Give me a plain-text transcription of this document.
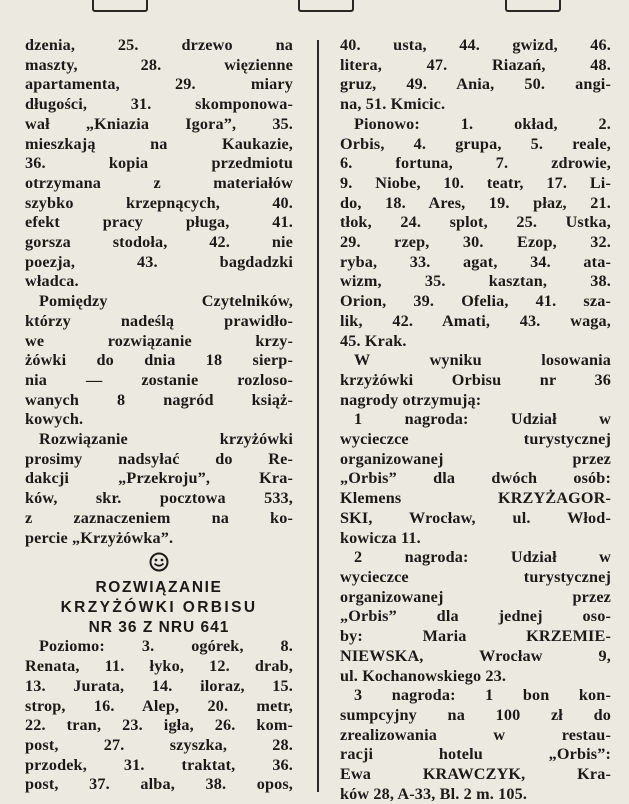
dzenia, 25. drzewo na
maszty, 28. więzienne
apartamenta, 29. miary
długości, 31. skomponowa-
wał „Kniazia Igora”, 35.
mieszkają na Kaukazie,
36. kopia przedmiotu
otrzymana z materiałów
szybko krzepnących, 40.
efekt pracy pługa, 41.
gorsza stodoła, 42. nie
poezja, 43. bagdadzki
władca.
Pomiędzy Czytelników,
którzy nadeślą prawidło-
we rozwiązanie krzy-
żówki do dnia 18 sierp-
nia — zostanie rozloso-
wanych 8 nagród książ-
kowych.
Rozwiązanie krzyżówki
prosimy nadsyłać do Re-
dakcji „Przekroju”, Kra-
ków, skr. pocztowa 533,
z zaznaczeniem na ko-
percie „Krzyżówka”.
ROZWIĄZANIE
KRZYŻÓWKI ORBISU
NR 36 Z NRU 641
Poziomo: 3. ogórek, 8.
Renata, 11. łyko, 12. drab,
13. Jurata, 14. iloraz, 15.
strop, 16. Alep, 20. metr,
22. tran, 23. igła, 26. kom-
post, 27. szyszka, 28.
przodek, 31. traktat, 36.
post, 37. alba, 38. opos,
40. usta, 44. gwizd, 46.
litera, 47. Riazań, 48.
gruz, 49. Ania, 50. angi-
na, 51. Kmicic.
Pionowo: 1. okład, 2.
Orbis, 4. grupa, 5. reale,
6. fortuna, 7. zdrowie,
9. Niobe, 10. teatr, 17. Li-
do, 18. Ares, 19. płaz, 21.
tłok, 24. splot, 25. Ustka,
29. rzep, 30. Ezop, 32.
ryba, 33. agat, 34. ata-
wizm, 35. kasztan, 38.
Orion, 39. Ofelia, 41. sza-
lik, 42. Amati, 43. waga,
45. Krak.
W wyniku losowania
krzyżówki Orbisu nr 36
nagrody otrzymują:
1 nagroda: Udział w
wycieczce turystycznej
organizowanej przez
„Orbis” dla dwóch osób:
Klemens KRZYŻAGOR-
SKI, Wrocław, ul. Włod-
kowicza 11.
2 nagroda: Udział w
wycieczce turystycznej
organizowanej przez
„Orbis” dla jednej oso-
by: Maria KRZEMIE-
NIEWSKA, Wrocław 9,
ul. Kochanowskiego 23.
3 nagroda: 1 bon kon-
sumpcyjny na 100 zł do
zrealizowania w restau-
racji hotelu „Orbis”:
Ewa KRAWCZYK, Kra-
ków 28, A-33, Bl. 2 m. 105.
